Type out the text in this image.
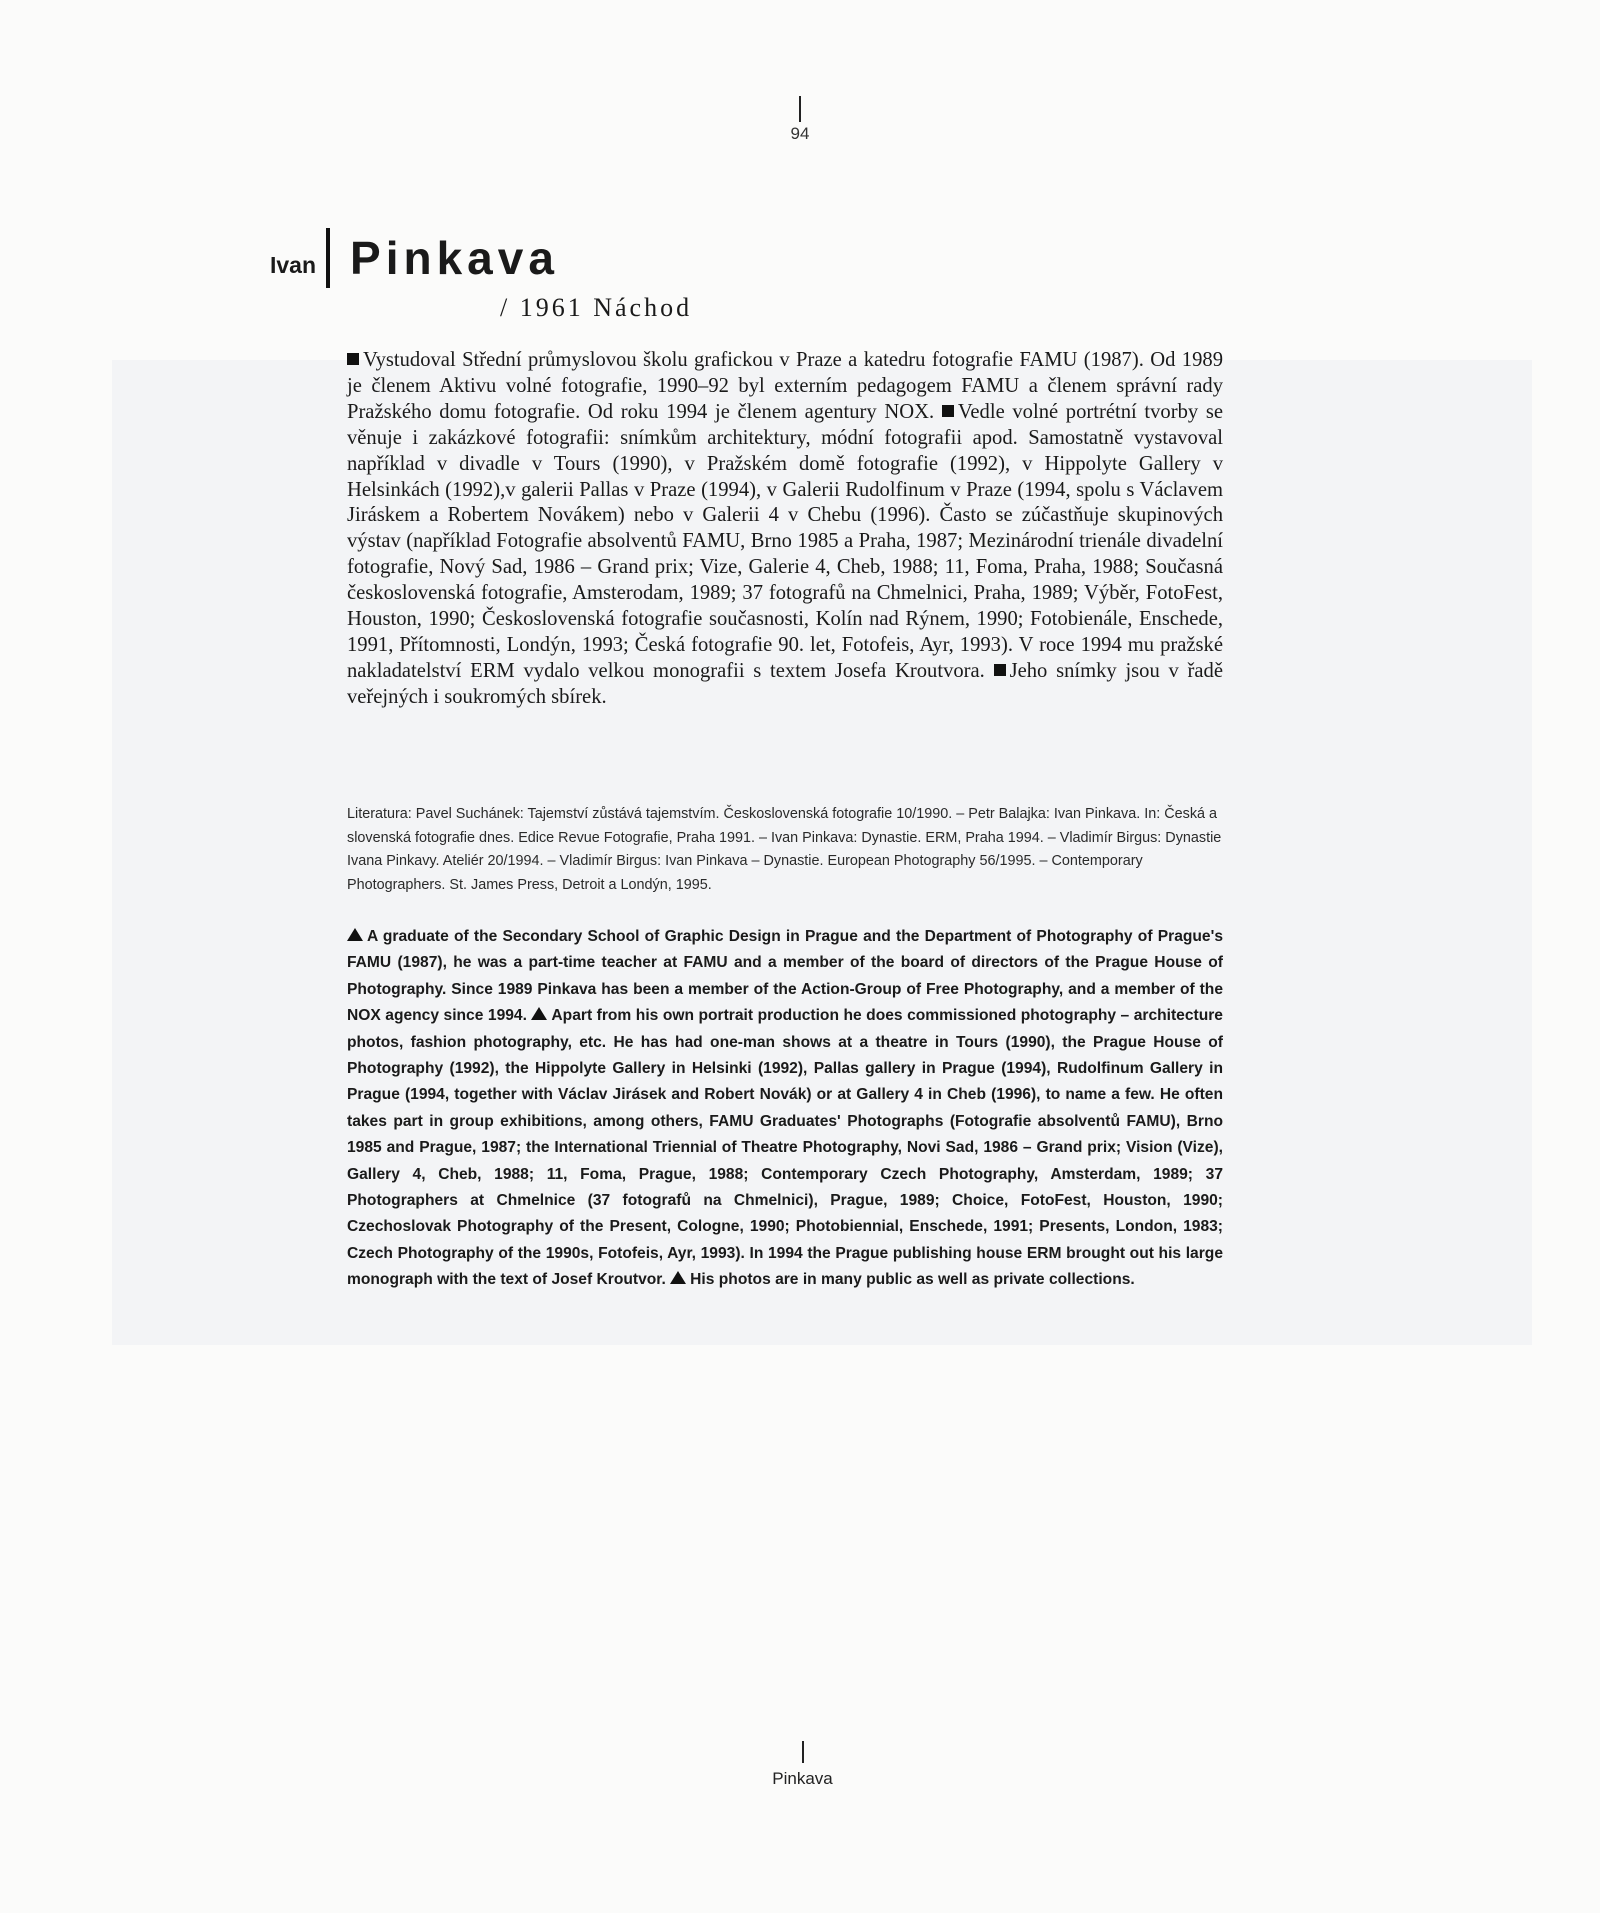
94
Ivan Pinkava
/ 1961 Náchod
Vystudoval Střední průmyslovou školu grafickou v Praze a katedru fotografie FAMU (1987). Od 1989 je členem Aktivu volné fotografie, 1990–92 byl externím pedagogem FAMU a členem správní rady Pražského domu fotografie. Od roku 1994 je členem agentury NOX. Vedle volné portrétní tvorby se věnuje i zakázkové fotografii: snímkům architektury, módní fotografii apod. Samostatně vystavoval například v divadle v Tours (1990), v Pražském domě fotografie (1992), v Hippolyte Gallery v Helsinkách (1992),v galerii Pallas v Praze (1994), v Galerii Rudolfinum v Praze (1994, spolu s Václavem Jiráskem a Robertem Novákem) nebo v Galerii 4 v Chebu (1996). Často se zúčastňuje skupinových výstav (například Fotografie absolventů FAMU, Brno 1985 a Praha, 1987; Mezinárodní trienále divadelní fotografie, Nový Sad, 1986 – Grand prix; Vize, Galerie 4, Cheb, 1988; 11, Foma, Praha, 1988; Současná československá fotografie, Amsterodam, 1989; 37 fotografů na Chmelnici, Praha, 1989; Výběr, FotoFest, Houston, 1990; Československá fotografie současnosti, Kolín nad Rýnem, 1990; Fotobienále, Enschede, 1991, Přítomnosti, Londýn, 1993; Česká fotografie 90. let, Fotofeis, Ayr, 1993). V roce 1994 mu pražské nakladatelství ERM vydalo velkou monografii s textem Josefa Kroutvora. Jeho snímky jsou v řadě veřejných i soukromých sbírek.
Literatura: Pavel Suchánek: Tajemství zůstává tajemstvím. Československá fotografie 10/1990. – Petr Balajka: Ivan Pinkava. In: Česká a slovenská fotografie dnes. Edice Revue Fotografie, Praha 1991. – Ivan Pinkava: Dynastie. ERM, Praha 1994. – Vladimír Birgus: Dynastie Ivana Pinkavy. Ateliér 20/1994. – Vladimír Birgus: Ivan Pinkava – Dynastie. European Photography 56/1995. – Contemporary Photographers. St. James Press, Detroit a Londýn, 1995.
A graduate of the Secondary School of Graphic Design in Prague and the Department of Photography of Prague's FAMU (1987), he was a part-time teacher at FAMU and a member of the board of directors of the Prague House of Photography. Since 1989 Pinkava has been a member of the Action-Group of Free Photography, and a member of the NOX agency since 1994. Apart from his own portrait production he does commissioned photography – architecture photos, fashion photography, etc. He has had one-man shows at a theatre in Tours (1990), the Prague House of Photography (1992), the Hippolyte Gallery in Helsinki (1992), Pallas gallery in Prague (1994), Rudolfinum Gallery in Prague (1994, together with Václav Jirásek and Robert Novák) or at Gallery 4 in Cheb (1996), to name a few. He often takes part in group exhibitions, among others, FAMU Graduates' Photographs (Fotografie absolventů FAMU), Brno 1985 and Prague, 1987; the International Triennial of Theatre Photography, Novi Sad, 1986 – Grand prix; Vision (Vize), Gallery 4, Cheb, 1988; 11, Foma, Prague, 1988; Contemporary Czech Photography, Amsterdam, 1989; 37 Photographers at Chmelnice (37 fotografů na Chmelnici), Prague, 1989; Choice, FotoFest, Houston, 1990; Czechoslovak Photography of the Present, Cologne, 1990; Photobiennial, Enschede, 1991; Presents, London, 1983; Czech Photography of the 1990s, Fotofeis, Ayr, 1993). In 1994 the Prague publishing house ERM brought out his large monograph with the text of Josef Kroutvor. His photos are in many public as well as private collections.
Pinkava
